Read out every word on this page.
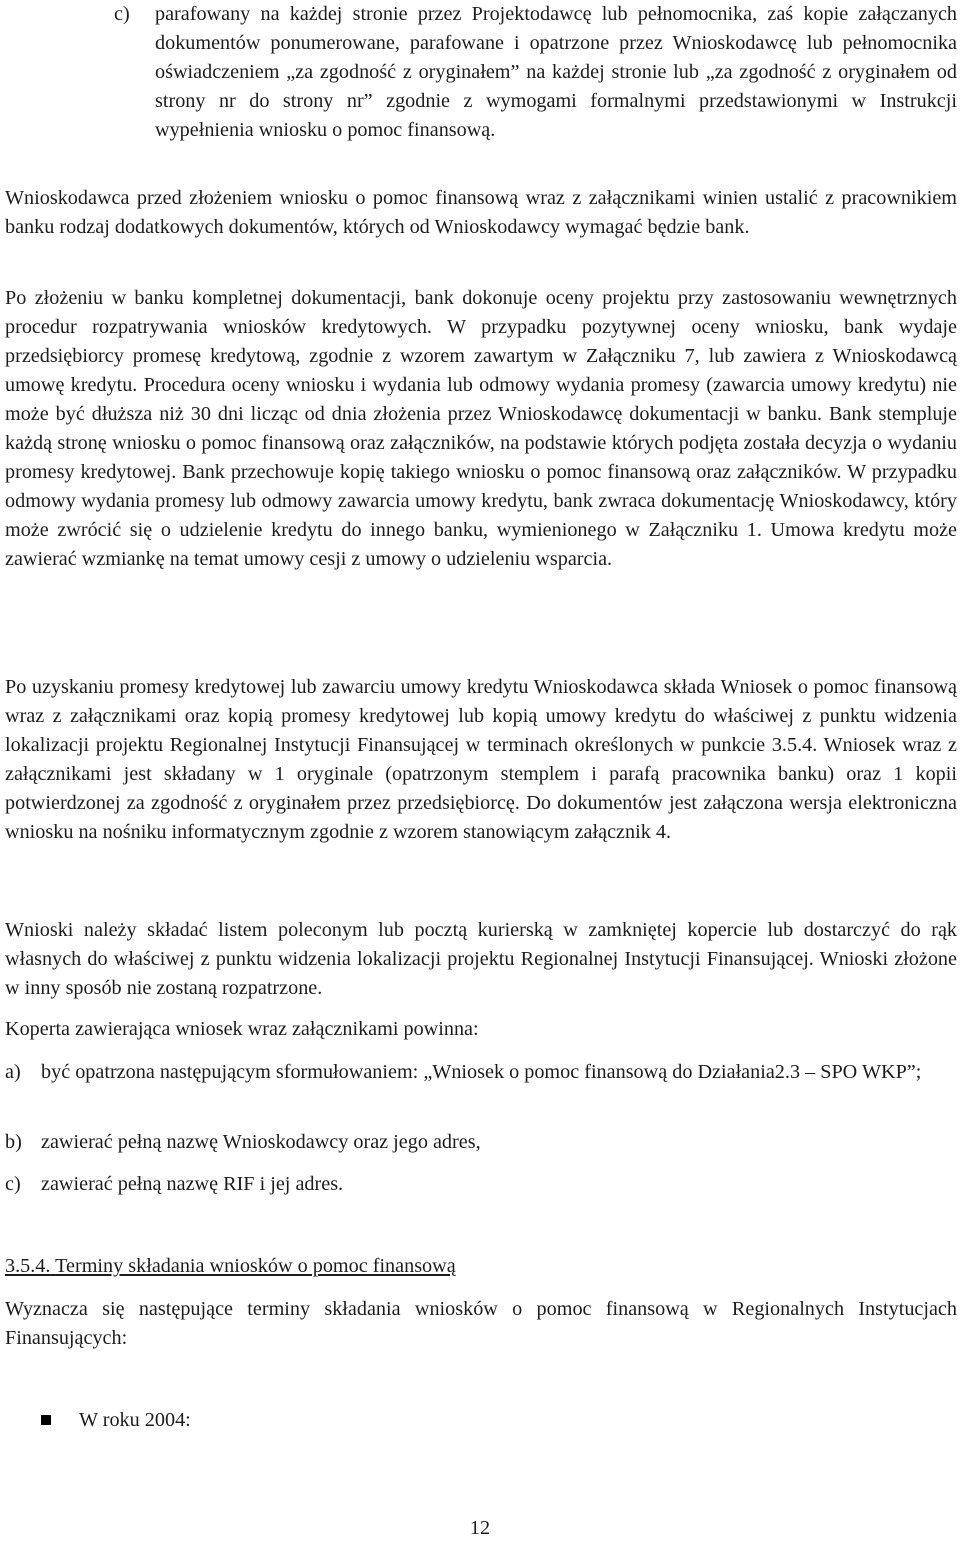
c) parafowany na każdej stronie przez Projektodawcę lub pełnomocnika, zaś kopie załączanych dokumentów ponumerowane, parafowane i opatrzone przez Wnioskodawcę lub pełnomocnika oświadczeniem „za zgodność z oryginałem” na każdej stronie lub „za zgodność z oryginałem od strony nr do strony nr” zgodnie z wymogami formalnymi przedstawionymi w Instrukcji wypełnienia wniosku o pomoc finansową.

Wnioskodawca przed złożeniem wniosku o pomoc finansową wraz z załącznikami winien ustalić z pracownikiem banku rodzaj dodatkowych dokumentów, których od Wnioskodawcy wymagać będzie bank.

Po złożeniu w banku kompletnej dokumentacji, bank dokonuje oceny projektu przy zastosowaniu wewnętrznych procedur rozpatrywania wniosków kredytowych. W przypadku pozytywnej oceny wniosku, bank wydaje przedsiębiorcy promesę kredytową, zgodnie z wzorem zawartym w Załączniku 7, lub zawiera z Wnioskodawcą umowę kredytu. Procedura oceny wniosku i wydania lub odmowy wydania promesy (zawarcia umowy kredytu) nie może być dłuższa niż 30 dni licząc od dnia złożenia przez Wnioskodawcę dokumentacji w banku. Bank stempluje każdą stronę wniosku o pomoc finansową oraz załączników, na podstawie których podjęta została decyzja o wydaniu promesy kredytowej. Bank przechowuje kopię takiego wniosku o pomoc finansową oraz załączników. W przypadku odmowy wydania promesy lub odmowy zawarcia umowy kredytu, bank zwraca dokumentację Wnioskodawcy, który może zwrócić się o udzielenie kredytu do innego banku, wymienionego w Załączniku 1. Umowa kredytu może zawierać wzmiankę na temat umowy cesji z umowy o udzieleniu wsparcia.

Po uzyskaniu promesy kredytowej lub zawarciu umowy kredytu Wnioskodawca składa Wniosek o pomoc finansową wraz z załącznikami oraz kopią promesy kredytowej lub kopią umowy kredytu do właściwej z punktu widzenia lokalizacji projektu Regionalnej Instytucji Finansującej w terminach określonych w punkcie 3.5.4. Wniosek wraz z załącznikami jest składany w 1 oryginale (opatrzonym stemplem i parafą pracownika banku) oraz 1 kopii potwierdzonej za zgodność z oryginałem przez przedsiębiorcę. Do dokumentów jest załączona wersja elektroniczna wniosku na nośniku informatycznym zgodnie z wzorem stanowiącym załącznik 4.

Wnioski należy składać listem poleconym lub pocztą kurierską w zamkniętej kopercie lub dostarczyć do rąk własnych do właściwej z punktu widzenia lokalizacji projektu Regionalnej Instytucji Finansującej. Wnioski złożone w inny sposób nie zostaną rozpatrzone.

Koperta zawierająca wniosek wraz załącznikami powinna:

a) być opatrzona następującym sformułowaniem: „Wniosek o pomoc finansową do Działania2.3 – SPO WKP”;

b) zawierać pełną nazwę Wnioskodawcy oraz jego adres,

c) zawierać pełną nazwę RIF i jej adres.

3.5.4. Terminy składania wniosków o pomoc finansową

Wyznacza się następujące terminy składania wniosków o pomoc finansową w Regionalnych Instytucjach Finansujących:

W roku 2004:

12
